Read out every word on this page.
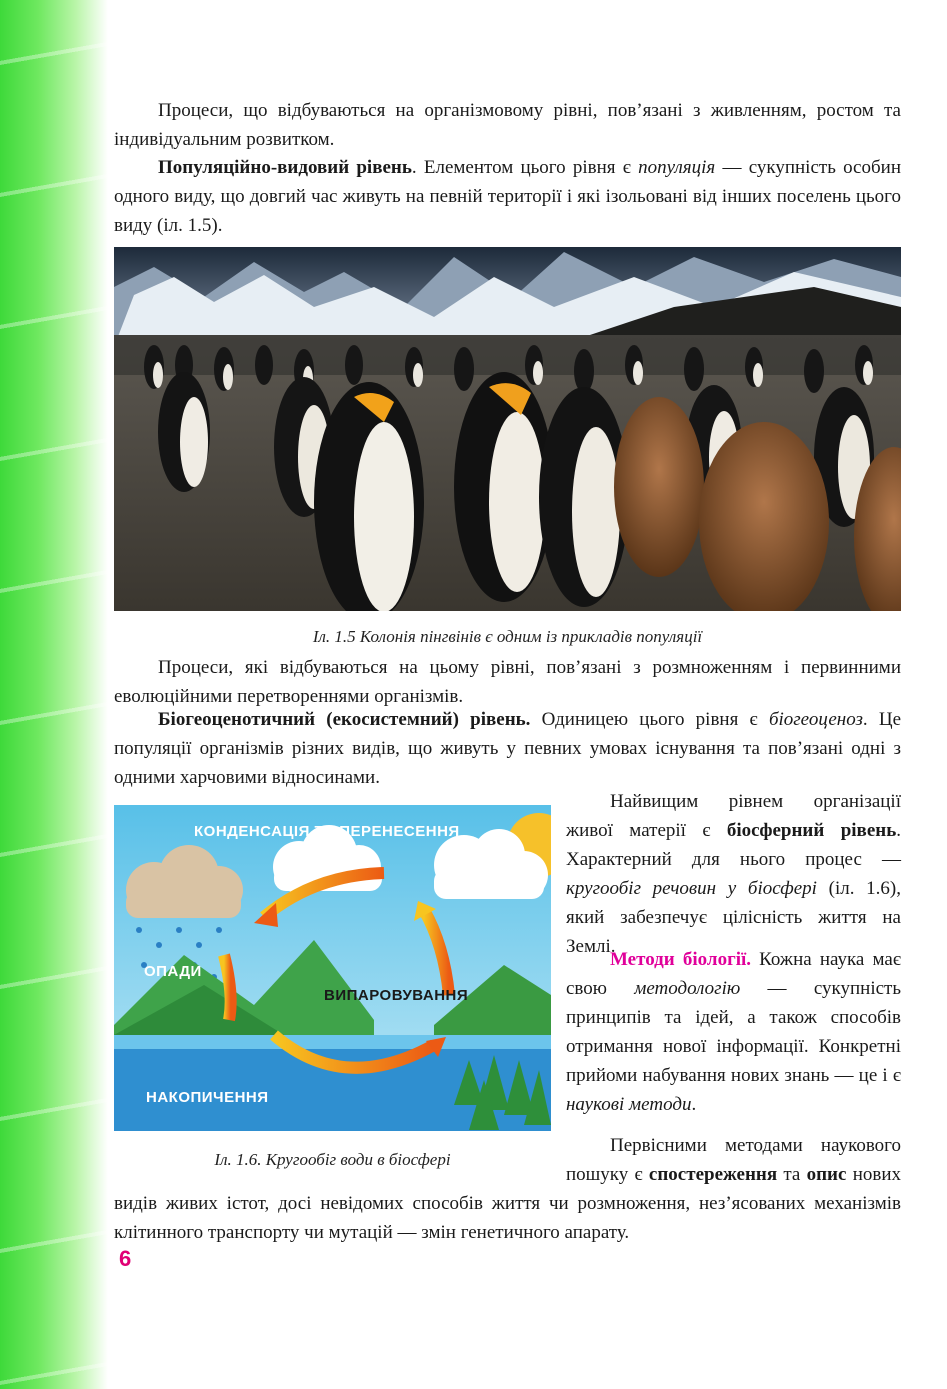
Процеси, що відбуваються на організмовому рівні, пов’язані з живленням, ростом та індивідуальним розвитком.

Популяційно-видовий рівень. Елементом цього рівня є популяція — сукупність особин одного виду, що довгий час живуть на певній території і які ізольовані від інших поселень цього виду (іл. 1.5).

Іл. 1.5 Колонія пінгвінів є одним із прикладів популяції

Процеси, які відбуваються на цьому рівні, пов’язані з розмноженням і первинними еволюційними перетвореннями організмів.

Біогеоценотичний (екосистемний) рівень. Одиницею цього рівня є біогеоценоз. Це популяції організмів різних видів, що живуть у певних умовах існування та пов’язані одні з одними харчовими відносинами.

КОНДЕНСАЦІЯ ТА ПЕРЕНЕСЕННЯ
ОПАДИ
ВИПАРОВУВАННЯ
НАКОПИЧЕННЯ

Іл. 1.6. Кругообіг води в біосфері

Найвищим рівнем організації живої матерії є біосферний рівень. Характерний для нього процес — кругообіг речовин у біосфері (іл. 1.6), який забезпечує цілісність життя на Землі.

Методи біології. Кожна наука має свою методологію — сукупність принципів та ідей, а також способів отримання нової інформації. Конкретні прийоми набування нових знань — це і є наукові методи.

Первісними методами наукового пошуку є спостереження та опис нових видів живих істот, досі невідомих способів життя чи розмноження, нез’ясованих механізмів клітинного транспорту чи мутацій — змін генетичного апарату.

6
